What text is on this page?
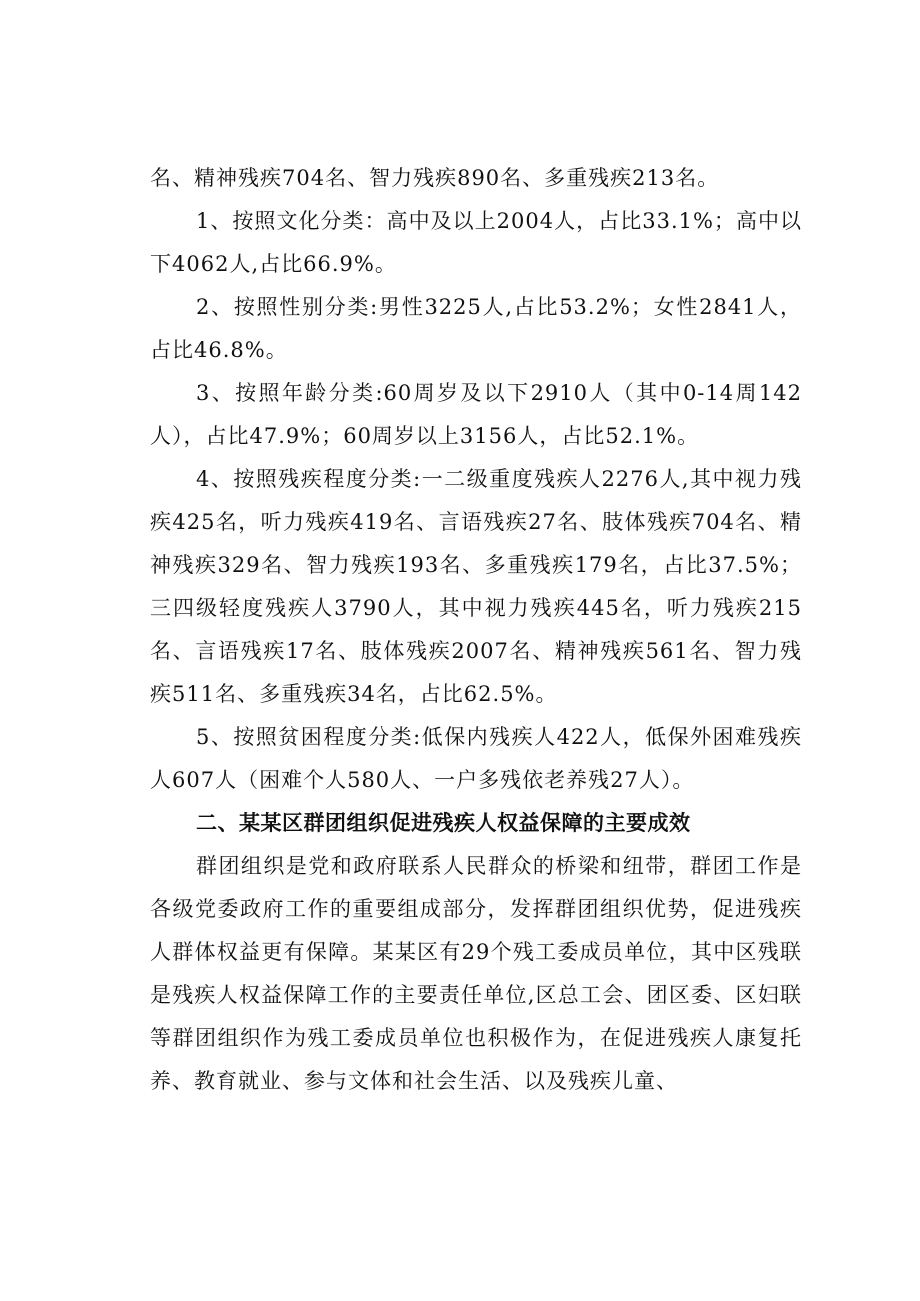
名、精神残疾704名、智力残疾890名、多重残疾213名。

1、按照文化分类：高中及以上2004人，占比33.1%；高中以下4062人,占比66.9%。

2、按照性别分类:男性3225人,占比53.2%；女性2841人，占比46.8%。

3、按照年龄分类:60周岁及以下2910人（其中0-14周142人），占比47.9%；60周岁以上3156人，占比52.1%。

4、按照残疾程度分类:一二级重度残疾人2276人,其中视力残疾425名，听力残疾419名、言语残疾27名、肢体残疾704名、精神残疾329名、智力残疾193名、多重残疾179名，占比37.5%；三四级轻度残疾人3790人，其中视力残疾445名，听力残疾215名、言语残疾17名、肢体残疾2007名、精神残疾561名、智力残疾511名、多重残疾34名，占比62.5%。

5、按照贫困程度分类:低保内残疾人422人，低保外困难残疾人607人（困难个人580人、一户多残依老养残27人）。

二、某某区群团组织促进残疾人权益保障的主要成效

群团组织是党和政府联系人民群众的桥梁和纽带，群团工作是各级党委政府工作的重要组成部分，发挥群团组织优势，促进残疾人群体权益更有保障。某某区有29个残工委成员单位，其中区残联是残疾人权益保障工作的主要责任单位,区总工会、团区委、区妇联等群团组织作为残工委成员单位也积极作为，在促进残疾人康复托养、教育就业、参与文体和社会生活、以及残疾儿童、
